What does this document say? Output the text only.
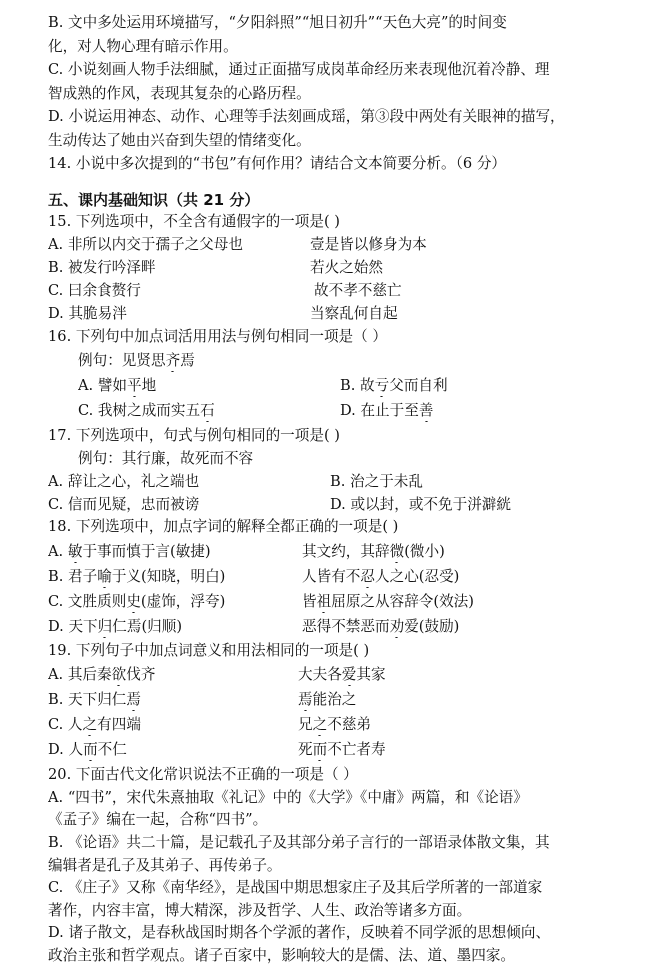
B. 文中多处运用环境描写，“夕阳斜照”“旭日初升”“天色大亮”的时间变
化，对人物心理有暗示作用。
C. 小说刻画人物手法细腻，通过正面描写成岗革命经历来表现他沉着冷静、理
智成熟的作风，表现其复杂的心路历程。
D. 小说运用神态、动作、心理等手法刻画成瑶，第③段中两处有关眼神的描写，
生动传达了她由兴奋到失望的情绪变化。
14. 小说中多次提到的“书包”有何作用？请结合文本简要分析。（6 分）
五、课内基础知识（共 21 分）
15. 下列选项中，不全含有通假字的一项是( )
A. 非所以内交于孺子之父母也	壹是皆以修身为本
B. 被发行吟泽畔	若火之始然
C. 曰余食赘行	故不孝不慈亡
D. 其脆易泮	当察乱何自起
16. 下列句中加点词活用用法与例句相同一项是（ ）
例句：见贤思齐焉
A. 譬如平地	B. 故亏父而自利
C. 我树之成而实五石	D. 在止于至善
17. 下列选项中，句式与例句相同的一项是( )
例句：其行廉，故死而不容
A. 辞让之心，礼之端也	B. 治之于未乱
C. 信而见疑，忠而被谤	D. 或以封，或不免于洴澼絖
18. 下列选项中，加点字词的解释全都正确的一项是( )
A. 敏于事而慎于言(敏捷)	其文约，其辞微(微小)
B. 君子喻于义(知晓，明白)	人皆有不忍人之心(忍受)
C. 文胜质则史(虚饰，浮夸)	皆祖屈原之从容辞令(效法)
D. 天下归仁焉(归顺)	恶得不禁恶而劝爱(鼓励)
19. 下列句子中加点词意义和用法相同的一项是( )
A. 其后秦欲伐齐	大夫各爱其家
B. 天下归仁焉	焉能治之
C. 人之有四端	兄之不慈弟
D. 人而不仁	死而不亡者寿
20. 下面古代文化常识说法不正确的一项是（ ）
A. “四书”，宋代朱熹抽取《礼记》中的《大学》《中庸》两篇，和《论语》
《孟子》编在一起，合称“四书”。
B. 《论语》共二十篇，是记载孔子及其部分弟子言行的一部语录体散文集，其
编辑者是孔子及其弟子、再传弟子。
C. 《庄子》又称《南华经》，是战国中期思想家庄子及其后学所著的一部道家
著作，内容丰富，博大精深，涉及哲学、人生、政治等诸多方面。
D. 诸子散文，是春秋战国时期各个学派的著作，反映着不同学派的思想倾向、
政治主张和哲学观点。诸子百家中，影响较大的是儒、法、道、墨四家。
